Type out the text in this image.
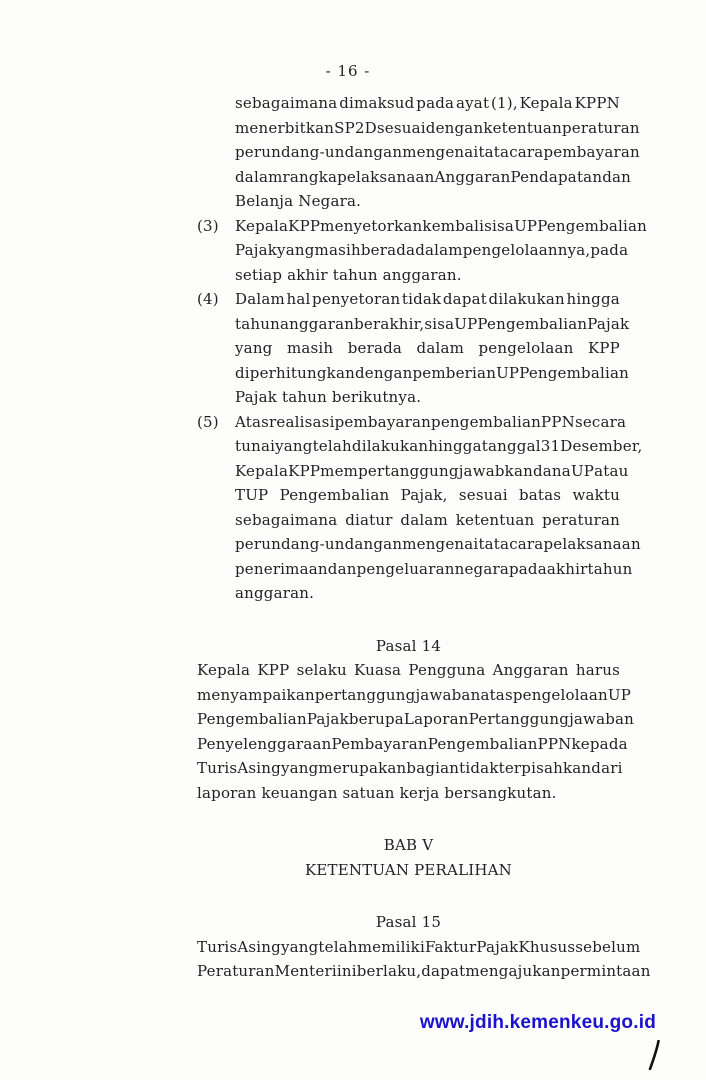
- 16 -
sebagaimana dimaksud pada ayat (1), Kepala KPPN
menerbitkan SP2D sesuai dengan ketentuan peraturan
perundang-undangan mengenai tata cara pembayaran
dalam rangka pelaksanaan Anggaran Pendapatan dan
Belanja Negara.
(3) Kepala KPP menyetorkan kembali sisa UP Pengembalian
Pajak yang masih berada dalam pengelolaannya, pada
setiap akhir tahun anggaran.
(4) Dalam hal penyetoran tidak dapat dilakukan hingga
tahun anggaran berakhir, sisa UP Pengembalian Pajak
yang masih berada dalam pengelolaan KPP
diperhitungkan dengan pemberian UP Pengembalian
Pajak tahun berikutnya.
(5) Atas realisasi pembayaran pengembalian PPN secara
tunai yang telah dilakukan hingga tanggal 31 Desember,
Kepala KPP mempertanggungjawabkan dana UP atau
TUP Pengembalian Pajak, sesuai batas waktu
sebagaimana diatur dalam ketentuan peraturan
perundang-undangan mengenai tata cara pelaksanaan
penerimaan dan pengeluaran negara pada akhir tahun
anggaran.
Pasal 14
Kepala KPP selaku Kuasa Pengguna Anggaran harus
menyampaikan pertanggungjawaban atas pengelolaan UP
Pengembalian Pajak berupa Laporan Pertanggungjawaban
Penyelenggaraan Pembayaran Pengembalian PPN kepada
Turis Asing yang merupakan bagian tidak terpisahkan dari
laporan keuangan satuan kerja bersangkutan.
BAB V
KETENTUAN PERALIHAN
Pasal 15
Turis Asing yang telah memiliki Faktur Pajak Khusus sebelum
Peraturan Menteri ini berlaku, dapat mengajukan permintaan
www.jdih.kemenkeu.go.id
